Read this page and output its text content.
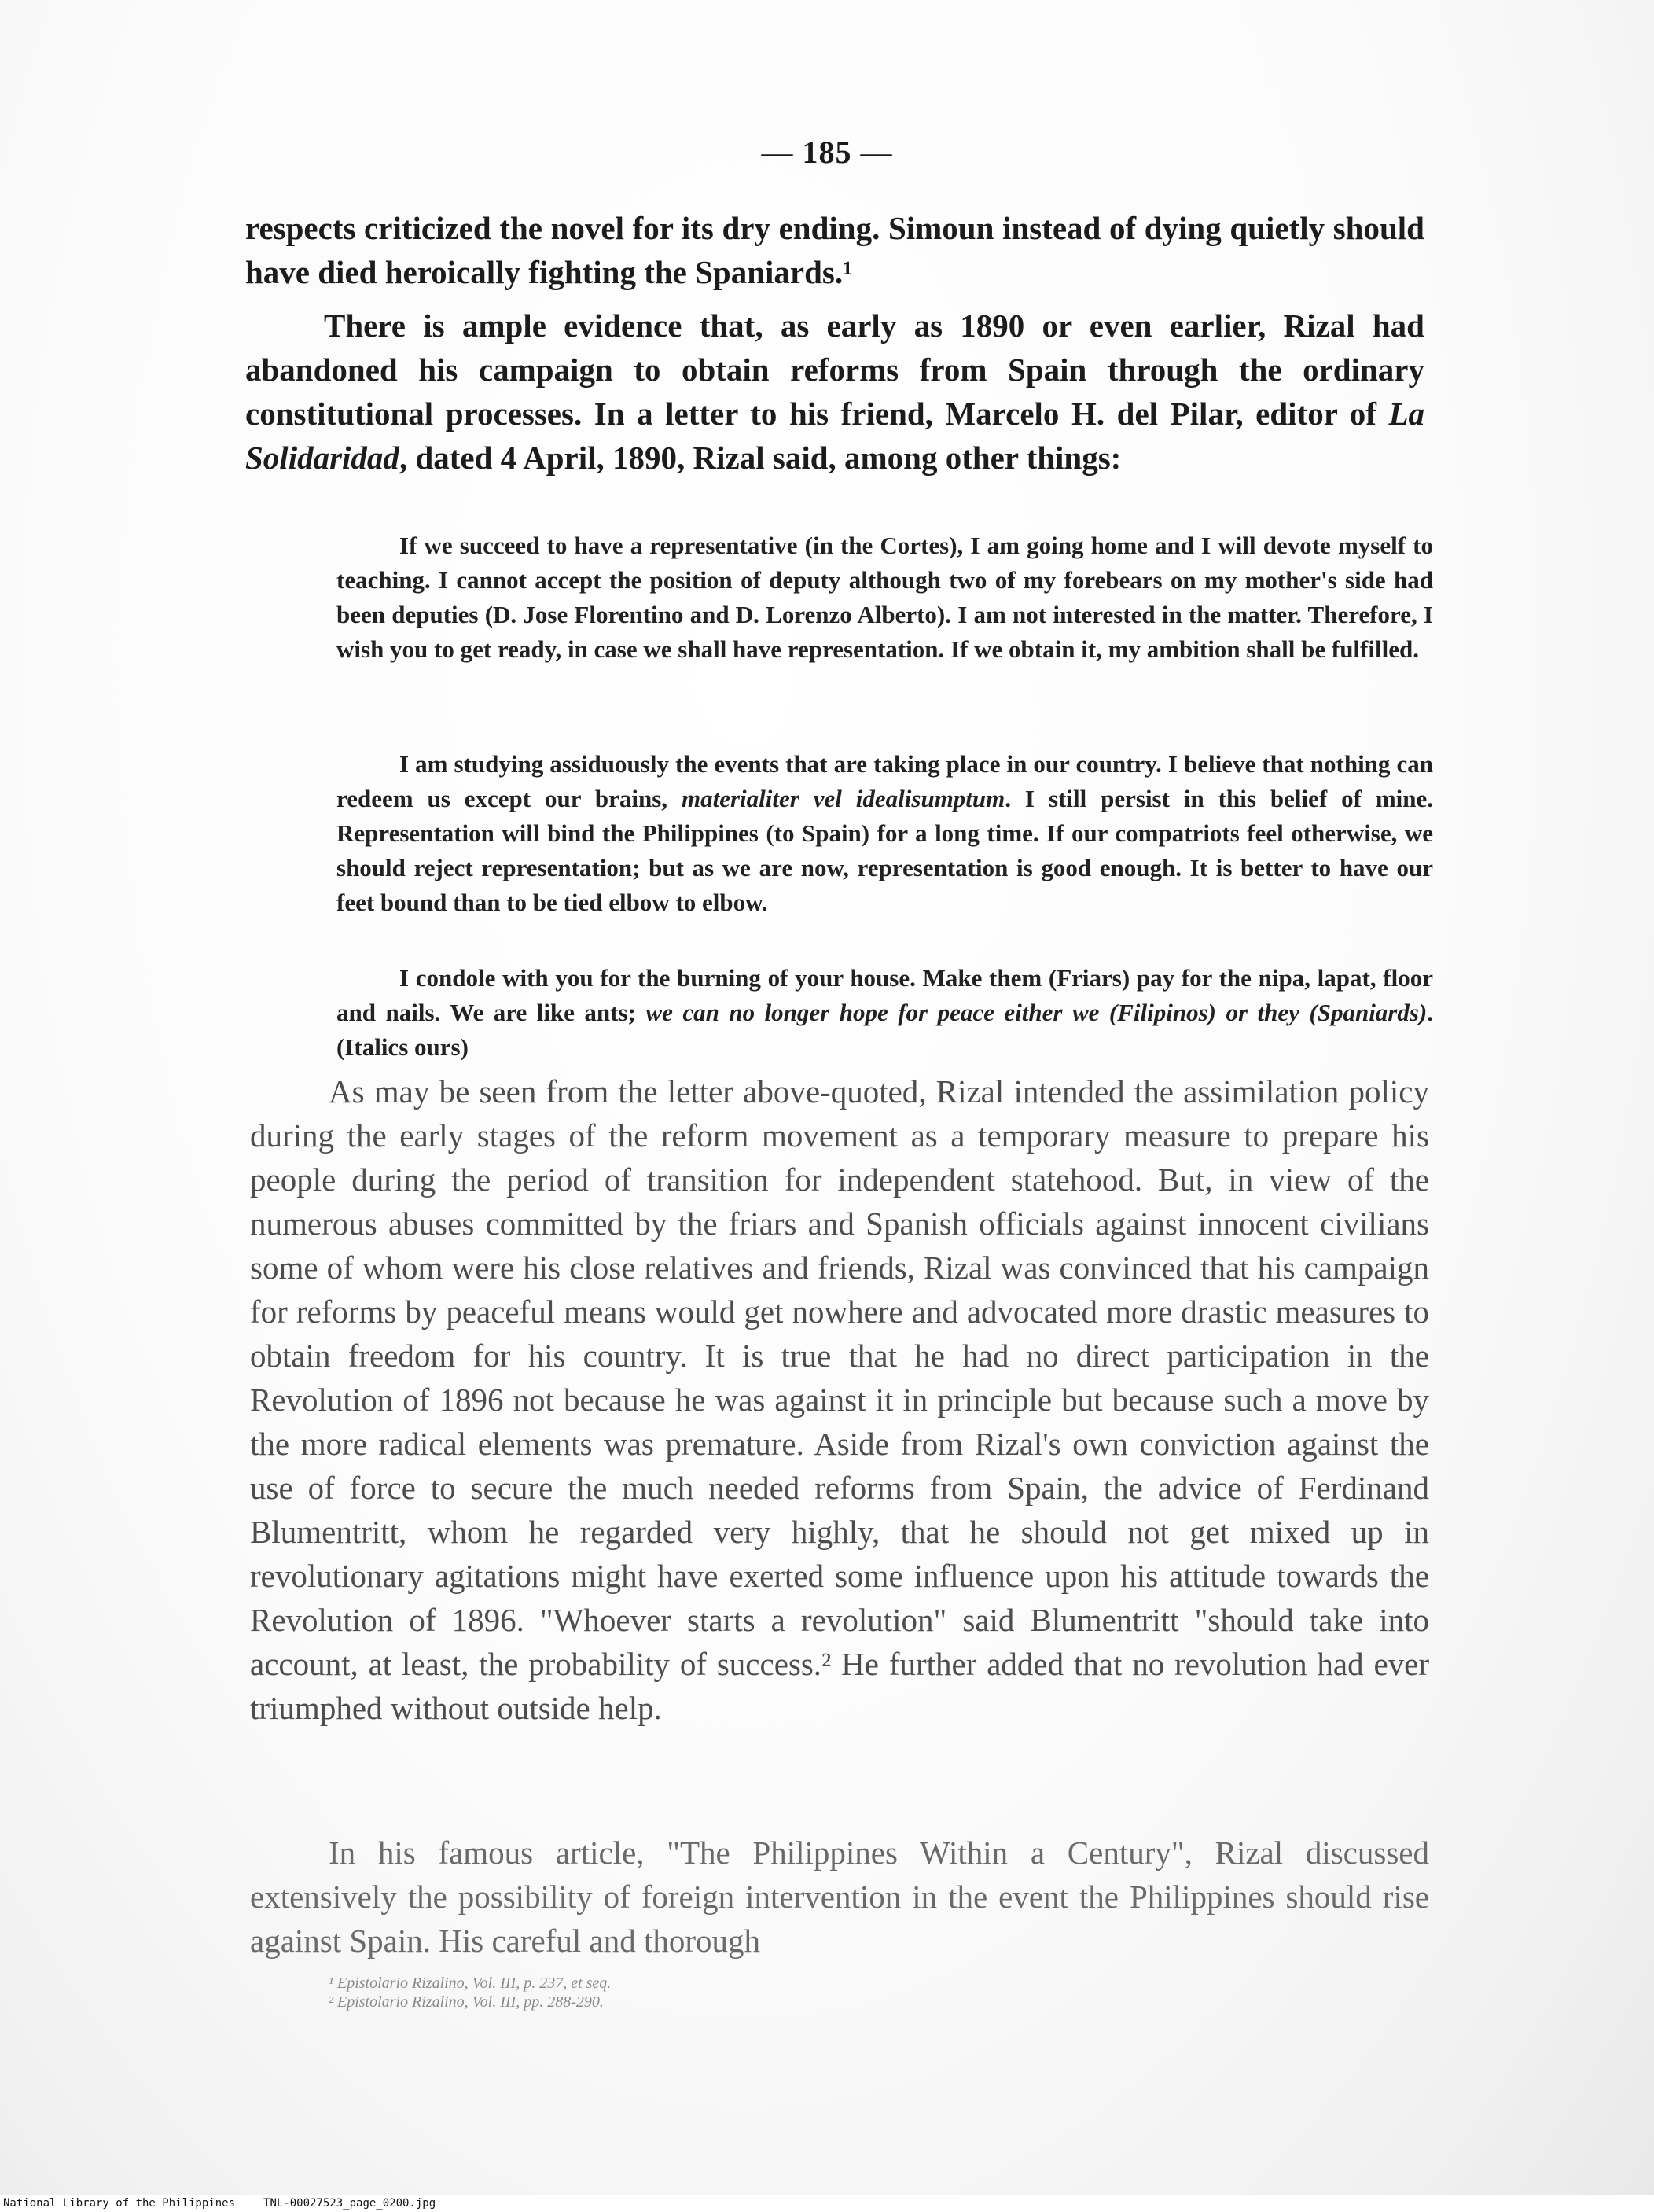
— 185 —

respects criticized the novel for its dry ending. Simoun instead of dying quietly should have died heroically fighting the Spaniards.¹

There is ample evidence that, as early as 1890 or even earlier, Rizal had abandoned his campaign to obtain reforms from Spain through the ordinary constitutional processes. In a letter to his friend, Marcelo H. del Pilar, editor of La Solidaridad, dated 4 April, 1890, Rizal said, among other things:

If we succeed to have a representative (in the Cortes), I am going home and I will devote myself to teaching. I cannot accept the position of deputy although two of my forebears on my mother's side had been deputies (D. Jose Florentino and D. Lorenzo Alberto). I am not interested in the matter. Therefore, I wish you to get ready, in case we shall have representation. If we obtain it, my ambition shall be fulfilled.

I am studying assiduously the events that are taking place in our country. I believe that nothing can redeem us except our brains, materialiter vel idealisumptum. I still persist in this belief of mine. Representation will bind the Philippines (to Spain) for a long time. If our compatriots feel otherwise, we should reject representation; but as we are now, representation is good enough. It is better to have our feet bound than to be tied elbow to elbow.

I condole with you for the burning of your house. Make them (Friars) pay for the nipa, lapat, floor and nails. We are like ants; we can no longer hope for peace either we (Filipinos) or they (Spaniards). (Italics ours)

As may be seen from the letter above-quoted, Rizal intended the assimilation policy during the early stages of the reform movement as a temporary measure to prepare his people during the period of transition for independent statehood. But, in view of the numerous abuses committed by the friars and Spanish officials against innocent civilians some of whom were his close relatives and friends, Rizal was convinced that his campaign for reforms by peaceful means would get nowhere and advocated more drastic measures to obtain freedom for his country. It is true that he had no direct participation in the Revolution of 1896 not because he was against it in principle but because such a move by the more radical elements was premature. Aside from Rizal's own conviction against the use of force to secure the much needed reforms from Spain, the advice of Ferdinand Blumentritt, whom he regarded very highly, that he should not get mixed up in revolutionary agitations might have exerted some influence upon his attitude towards the Revolution of 1896. "Whoever starts a revolution" said Blumentritt "should take into account, at least, the probability of success.² He further added that no revolution had ever triumphed without outside help.

In his famous article, "The Philippines Within a Century", Rizal discussed extensively the possibility of foreign intervention in the event the Philippines should rise against Spain. His careful and thorough

¹ Epistolario Rizalino, Vol. III, p. 237, et seq.
² Epistolario Rizalino, Vol. III, pp. 288-290.
National Library of the Philippines	TNL-00027523_page_0200.jpg
